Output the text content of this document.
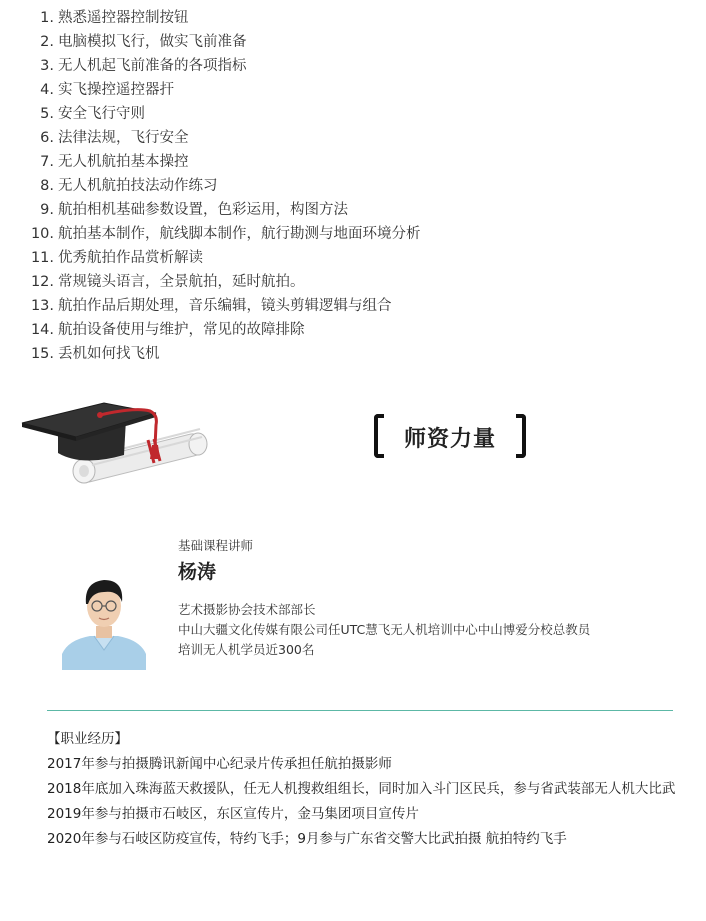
1. 熟悉遥控器控制按钮
2. 电脑模拟飞行，做实飞前准备
3. 无人机起飞前准备的各项指标
4. 实飞操控遥控器扞
5. 安全飞行守则
6. 法律法规，飞行安全
7. 无人机航拍基本操控
8. 无人机航拍技法动作练习
9. 航拍相机基础参数设置，色彩运用，构图方法
10. 航拍基本制作，航线脚本制作，航行勘测与地面环境分析
11. 优秀航拍作品赏析解读
12. 常规镜头语言，全景航拍，延时航拍。
13. 航拍作品后期处理，音乐编辑，镜头剪辑逻辑与组合
14. 航拍设备使用与维护，常见的故障排除
15. 丢机如何找飞机
师资力量
基础课程讲师
杨涛
艺术摄影协会技术部部长
中山大疆文化传媒有限公司任UTC慧飞无人机培训中心中山博爱分校总教员
培训无人机学员近300名
【职业经历】
2017年参与拍摄腾讯新闻中心纪录片传承担任航拍摄影师
2018年底加入珠海蓝天救援队，任无人机搜救组组长，同时加入斗门区民兵，参与省武装部无人机大比武
2019年参与拍摄市石岐区，东区宣传片，金马集团项目宣传片
2020年参与石岐区防疫宣传，特约飞手；9月参与广东省交警大比武拍摄 航拍特约飞手
